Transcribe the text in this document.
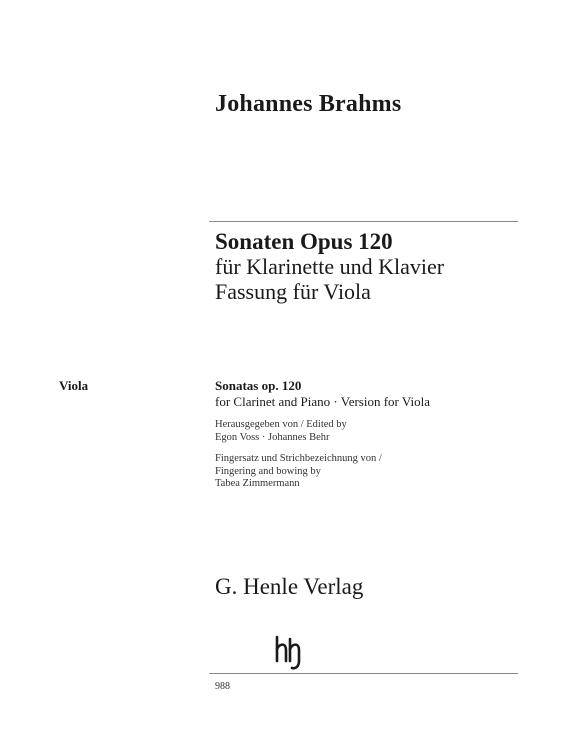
Johannes Brahms
Sonaten Opus 120
für Klarinette und Klavier
Fassung für Viola
Viola	Sonatas op. 120
for Clarinet and Piano · Version for Viola
Herausgegeben von / Edited by
Egon Voss · Johannes Behr
Fingersatz und Strichbezeichnung von /
Fingering and bowing by
Tabea Zimmermann
G. Henle Verlag
988
